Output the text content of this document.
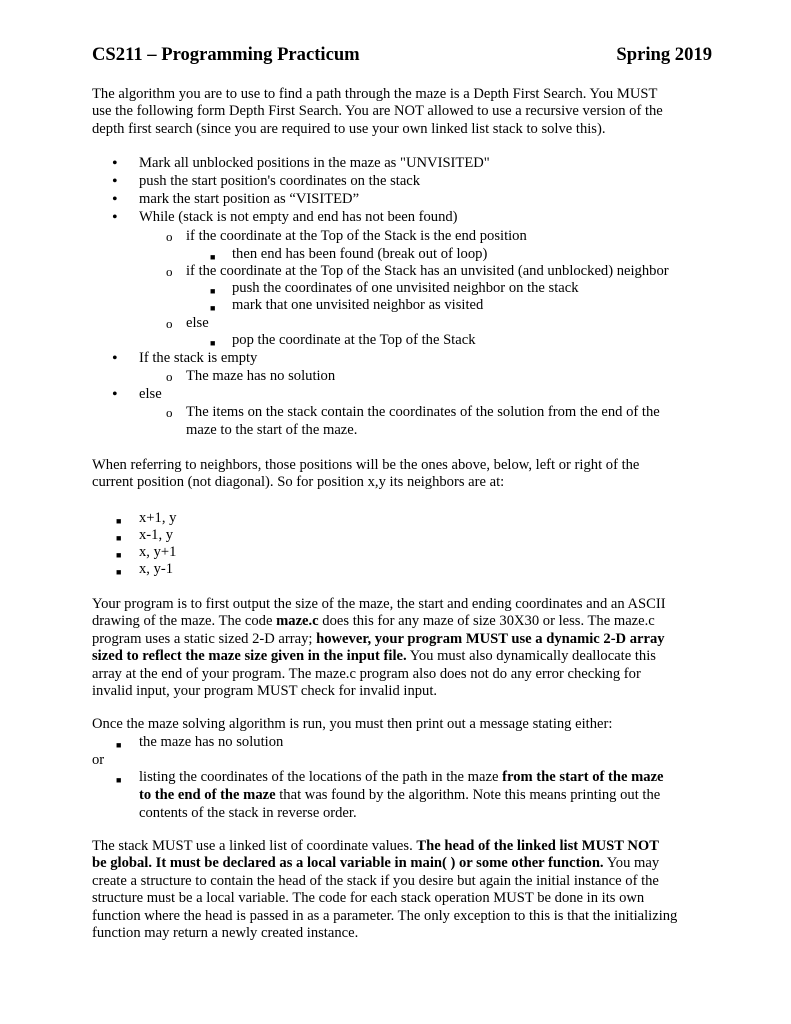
CS211 – Programming Practicum	Spring 2019

The algorithm you are to use to find a path through the maze is a Depth First Search. You MUST

use the following form Depth First Search. You are NOT allowed to use a recursive version of the

depth first search (since you are required to use your own linked list stack to solve this).

• Mark all unblocked positions in the maze as "UNVISITED"
• push the start position's coordinates on the stack
• mark the start position as “VISITED”
• While (stack is not empty and end has not been found)
o if the coordinate at the Top of the Stack is the end position
■ then end has been found (break out of loop)
o if the coordinate at the Top of the Stack has an unvisited (and unblocked) neighbor
■ push the coordinates of one unvisited neighbor on the stack
■ mark that one unvisited neighbor as visited
o else
■ pop the coordinate at the Top of the Stack
• If the stack is empty
o The maze has no solution
• else
o The items on the stack contain the coordinates of the solution from the end of the
maze to the start of the maze.

When referring to neighbors, those positions will be the ones above, below, left or right of the

current position (not diagonal). So for position x,y its neighbors are at:

■ x+1, y
■ x-1, y
■ x, y+1
■ x, y-1

Your program is to first output the size of the maze, the start and ending coordinates and an ASCII

drawing of the maze. The code maze.c does this for any maze of size 30X30 or less. The maze.c

program uses a static sized 2-D array; however, your program MUST use a dynamic 2-D array

sized to reflect the maze size given in the input file. You must also dynamically deallocate this

array at the end of your program. The maze.c program also does not do any error checking for

invalid input, your program MUST check for invalid input.

Once the maze solving algorithm is run, you must then print out a message stating either:

■ the maze has no solution
or
■ listing the coordinates of the locations of the path in the maze from the start of the maze
to the end of the maze that was found by the algorithm. Note this means printing out the
contents of the stack in reverse order.

The stack MUST use a linked list of coordinate values. The head of the linked list MUST NOT

be global. It must be declared as a local variable in main( ) or some other function. You may

create a structure to contain the head of the stack if you desire but again the initial instance of the

structure must be a local variable. The code for each stack operation MUST be done in its own

function where the head is passed in as a parameter. The only exception to this is that the initializing

function may return a newly created instance.
